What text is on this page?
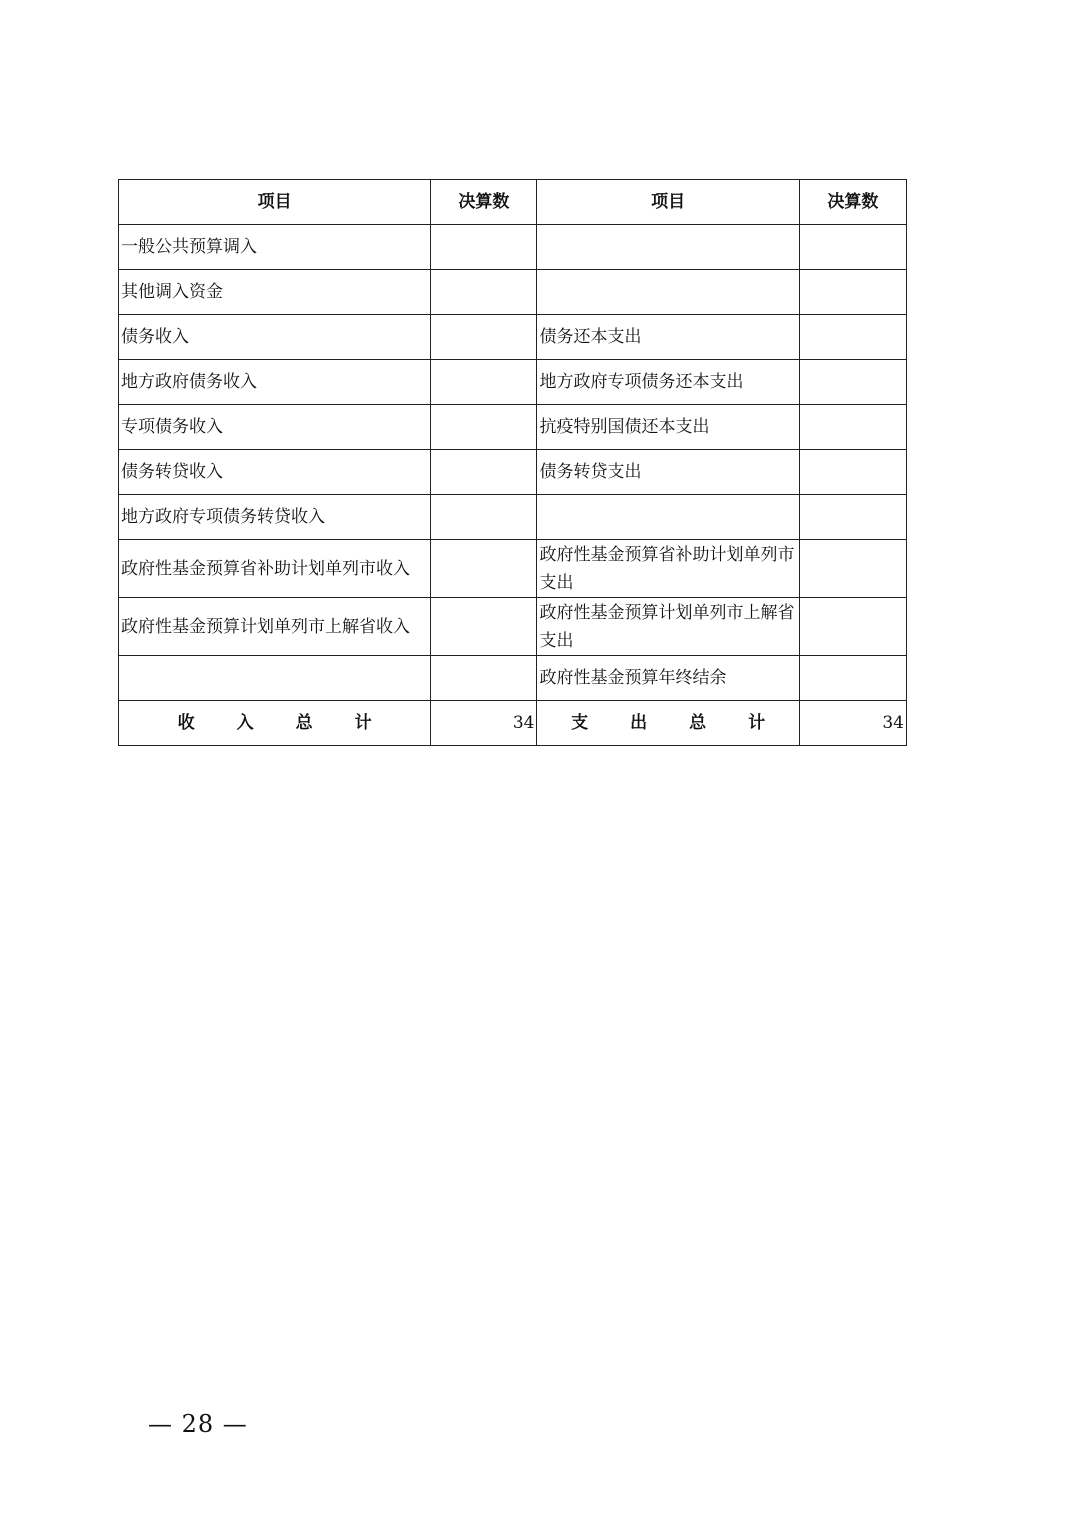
项目	决算数	项目	决算数
一般公共预算调入			
其他调入资金			
债务收入		债务还本支出	
地方政府债务收入		地方政府专项债务还本支出	
专项债务收入		抗疫特别国债还本支出	
债务转贷收入		债务转贷支出	
地方政府专项债务转贷收入			
政府性基金预算省补助计划单列市收入		政府性基金预算省补助计划单列市支出	
政府性基金预算计划单列市上解省收入		政府性基金预算计划单列市上解省支出	
		政府性基金预算年终结余	
收 入 总 计	34	支 出 总 计	34
— 28 —
